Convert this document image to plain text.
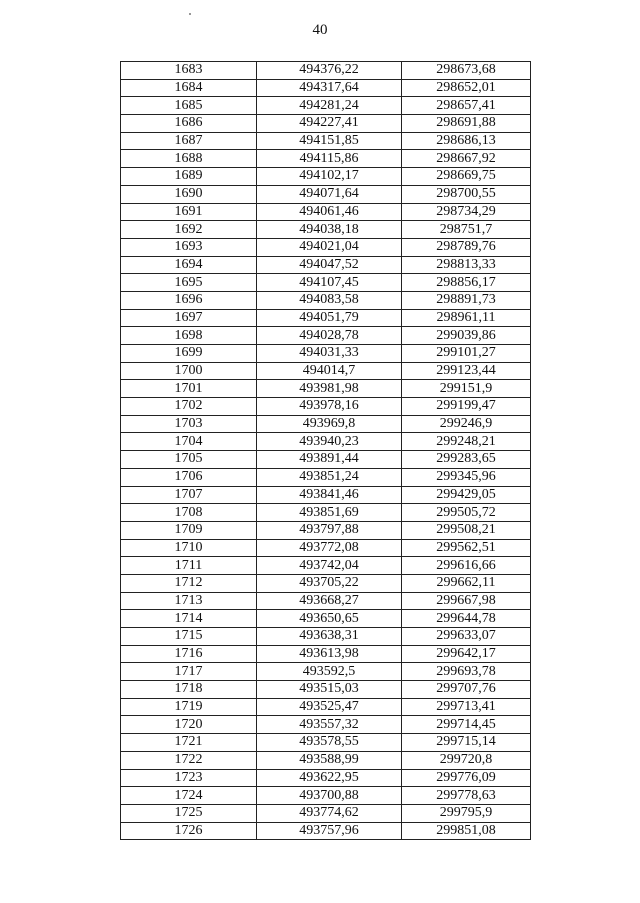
40
1683	494376,22	298673,68
1684	494317,64	298652,01
1685	494281,24	298657,41
1686	494227,41	298691,88
1687	494151,85	298686,13
1688	494115,86	298667,92
1689	494102,17	298669,75
1690	494071,64	298700,55
1691	494061,46	298734,29
1692	494038,18	298751,7
1693	494021,04	298789,76
1694	494047,52	298813,33
1695	494107,45	298856,17
1696	494083,58	298891,73
1697	494051,79	298961,11
1698	494028,78	299039,86
1699	494031,33	299101,27
1700	494014,7	299123,44
1701	493981,98	299151,9
1702	493978,16	299199,47
1703	493969,8	299246,9
1704	493940,23	299248,21
1705	493891,44	299283,65
1706	493851,24	299345,96
1707	493841,46	299429,05
1708	493851,69	299505,72
1709	493797,88	299508,21
1710	493772,08	299562,51
1711	493742,04	299616,66
1712	493705,22	299662,11
1713	493668,27	299667,98
1714	493650,65	299644,78
1715	493638,31	299633,07
1716	493613,98	299642,17
1717	493592,5	299693,78
1718	493515,03	299707,76
1719	493525,47	299713,41
1720	493557,32	299714,45
1721	493578,55	299715,14
1722	493588,99	299720,8
1723	493622,95	299776,09
1724	493700,88	299778,63
1725	493774,62	299795,9
1726	493757,96	299851,08
